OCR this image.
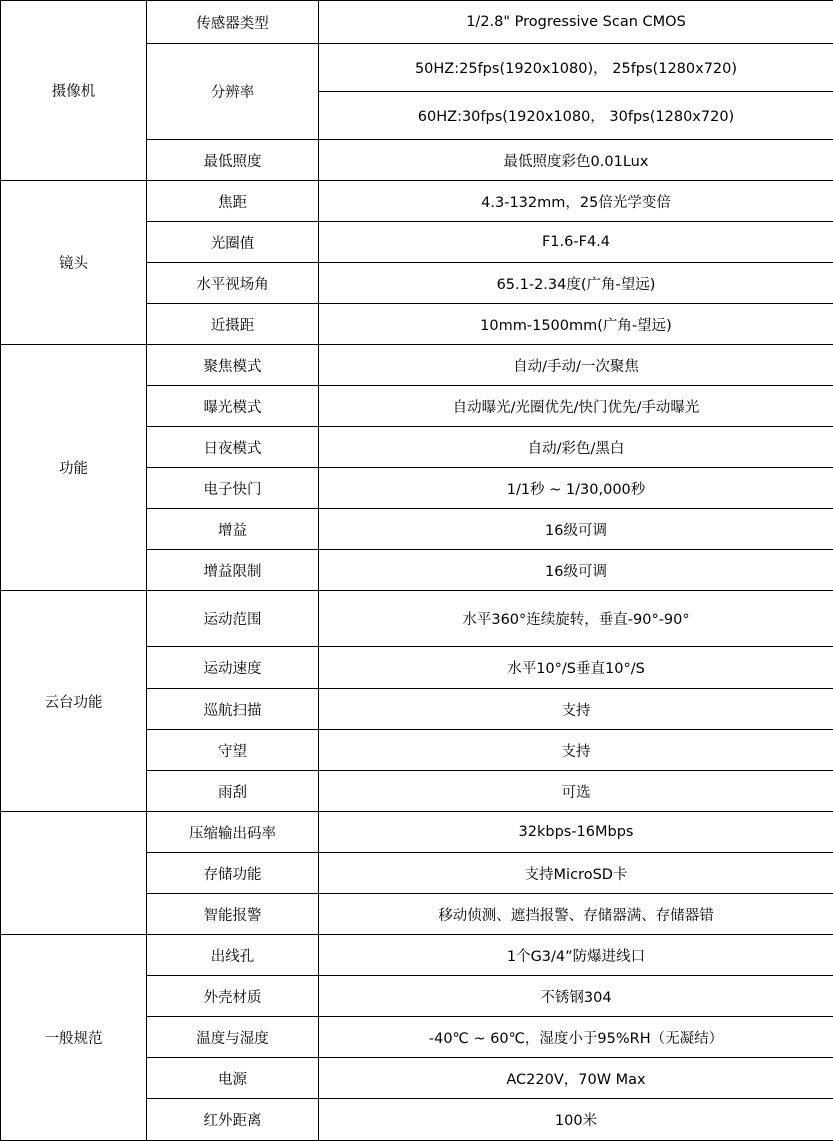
摄像机	传感器类型	1/2.8" Progressive Scan CMOS
	分辨率	50HZ:25fps(1920x1080)， 25fps(1280x720)
		60HZ:30fps(1920x1080， 30fps(1280x720)
	最低照度	最低照度彩色0.01Lux
镜头	焦距	4.3-132mm，25倍光学变倍
	光圈值	F1.6-F4.4
	水平视场角	65.1-2.34度(广角-望远)
	近摄距	10mm-1500mm(广角-望远)
功能	聚焦模式	自动/手动/一次聚焦
	曝光模式	自动曝光/光圈优先/快门优先/手动曝光
	日夜模式	自动/彩色/黑白
	电子快门	1/1秒 ~ 1/30,000秒
	增益	16级可调
	增益限制	16级可调
云台功能	运动范围	水平360°连续旋转，垂直-90°-90°
	运动速度	水平10°/S垂直10°/S
	巡航扫描	支持
	守望	支持
	雨刮	可选
	压缩输出码率	32kbps-16Mbps
	存储功能	支持MicroSD卡
	智能报警	移动侦测、遮挡报警、存储器满、存储器错
一般规范	出线孔	1个G3/4”防爆进线口
	外壳材质	不锈钢304
	温度与湿度	-40℃ ~ 60℃，湿度小于95%RH（无凝结）
	电源	AC220V，70W Max
	红外距离	100米
